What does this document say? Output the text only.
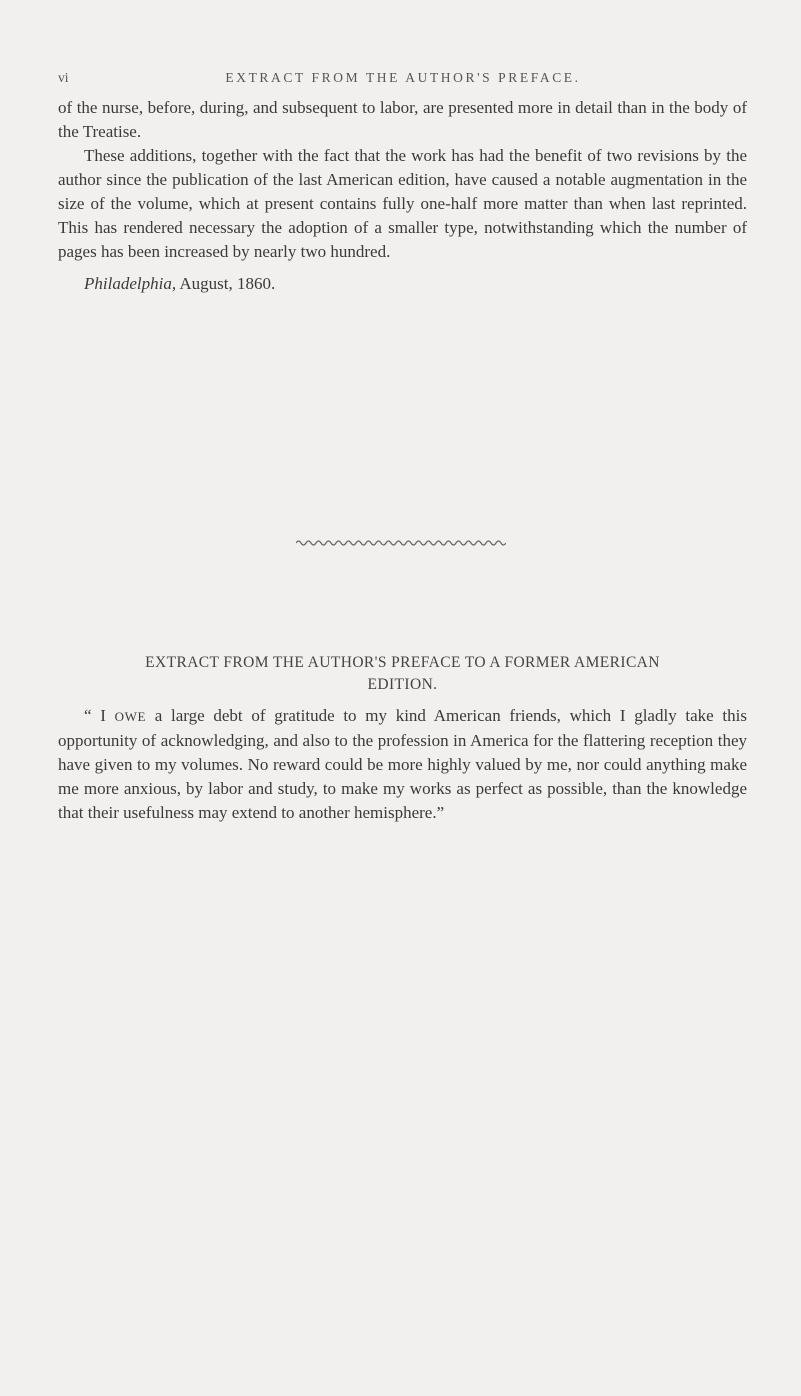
vi	EXTRACT FROM THE AUTHOR'S PREFACE.

of the nurse, before, during, and subsequent to labor, are presented more in detail than in the body of the Treatise.

These additions, together with the fact that the work has had the benefit of two revisions by the author since the publication of the last American edition, have caused a notable augmentation in the size of the volume, which at present contains fully one-half more matter than when last reprinted. This has rendered necessary the adoption of a smaller type, notwithstanding which the number of pages has been increased by nearly two hundred.

Philadelphia, August, 1860.

EXTRACT FROM THE AUTHOR'S PREFACE TO A FORMER AMERICAN
EDITION.

“ I OWE a large debt of gratitude to my kind American friends, which I gladly take this opportunity of acknowledging, and also to the profession in America for the flattering reception they have given to my volumes. No reward could be more highly valued by me, nor could anything make me more anxious, by labor and study, to make my works as perfect as possible, than the knowledge that their usefulness may extend to another hemisphere.”
